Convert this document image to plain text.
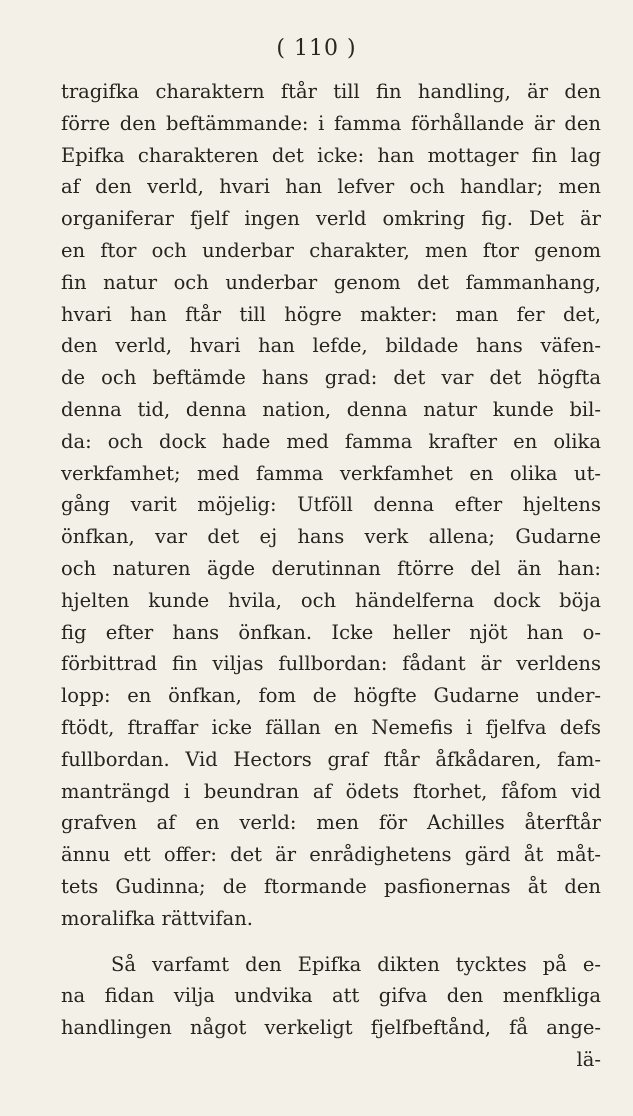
( 110 )
tragifka charaktern ftår till fin handling, är den
förre den beftämmande: i famma förhållande är den
Epifka charakteren det icke: han mottager fin lag
af den verld, hvari han lefver och handlar; men
organiferar fjelf ingen verld omkring fig. Det är
en ftor och underbar charakter, men ftor genom
fin natur och underbar genom det fammanhang,
hvari han ftår till högre makter: man fer det,
den verld, hvari han lefde, bildade hans väfen-
de och beftämde hans grad: det var det högfta
denna tid, denna nation, denna natur kunde bil-
da: och dock hade med famma krafter en olika
verkfamhet; med famma verkfamhet en olika ut-
gång varit möjelig: Utföll denna efter hjeltens
önfkan, var det ej hans verk allena; Gudarne
och naturen ägde derutinnan ftörre del än han:
hjelten kunde hvila, och händelferna dock böja
fig efter hans önfkan. Icke heller njöt han o-
förbittrad fin viljas fullbordan: fådant är verldens
lopp: en önfkan, fom de högfte Gudarne under-
ftödt, ftraffar icke fällan en Nemefis i fjelfva defs
fullbordan. Vid Hectors graf ftår åfkådaren, fam-
manträngd i beundran af ödets ftorhet, fåfom vid
grafven af en verld: men för Achilles återftår
ännu ett offer: det är enrådighetens gärd åt måt-
tets Gudinna; de ftormande pasfionernas åt den
moralifka rättvifan.
Så varfamt den Epifka dikten tycktes på e-
na fidan vilja undvika att gifva den menfkliga
handlingen något verkeligt fjelfbeftånd, få ange-
lä-
